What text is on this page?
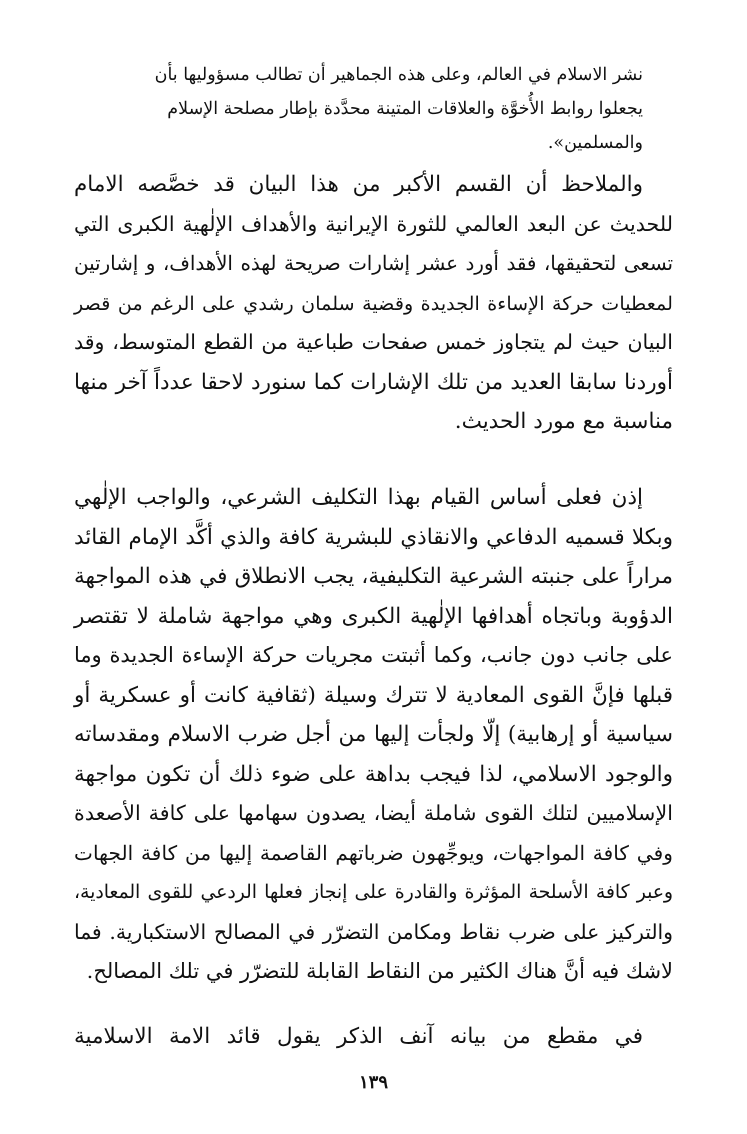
نشر الاسلام في العالم، وعلى هذه الجماهير أن تطالب مسؤوليها بأن
يجعلوا روابط الأُخوَّة والعلاقات المتينة محدَّدة بإطار مصلحة الإسلام
والمسلمين».
والملاحظ أن القسم الأكبر من هذا البيان قد خصَّصه الامام
للحديث عن البعد العالمي للثورة الإيرانية والأهداف الإلٰهية الكبرى التي
تسعى لتحقيقها، فقد أورد عشر إشارات صريحة لهذه الأهداف، و إشارتين
لمعطيات حركة الإساءة الجديدة وقضية سلمان رشدي على الرغم من قصر
البيان حيث لم يتجاوز خمس صفحات طباعية من القطع المتوسط، وقد
أوردنا سابقا العديد من تلك الإشارات كما سنورد لاحقا عدداً آخر منها
مناسبة مع مورد الحديث.
إذن فعلى أساس القيام بهذا التكليف الشرعي، والواجب الإلٰهي
وبكلا قسميه الدفاعي والانقاذي للبشرية كافة والذي أكَّد الإمام القائد
مراراً على جنبته الشرعية التكليفية، يجب الانطلاق في هذه المواجهة
الدؤوبة وباتجاه أهدافها الإلٰهية الكبرى وهي مواجهة شاملة لا تقتصر
على جانب دون جانب، وكما أثبتت مجريات حركة الإساءة الجديدة وما
قبلها فإنَّ القوى المعادية لا تترك وسيلة (ثقافية كانت أو عسكرية أو
سياسية أو إرهابية) إلّا ولجأت إليها من أجل ضرب الاسلام ومقدساته
والوجود الاسلامي، لذا فيجب بداهة على ضوء ذلك أن تكون مواجهة
الإسلاميين لتلك القوى شاملة أيضا، يصدون سهامها على كافة الأصعدة
وفي كافة المواجهات، ويوجِّهون ضرباتهم القاصمة إليها من كافة الجهات
وعبر كافة الأسلحة المؤثرة والقادرة على إنجاز فعلها الردعي للقوى المعادية،
والتركيز على ضرب نقاط ومكامن التضرّر في المصالح الاستكبارية. فما
لاشك فيه أنَّ هناك الكثير من النقاط القابلة للتضرّر في تلك المصالح.
في مقطع من بيانه آنف الذكر يقول قائد الامة الاسلامية
١٣٩
